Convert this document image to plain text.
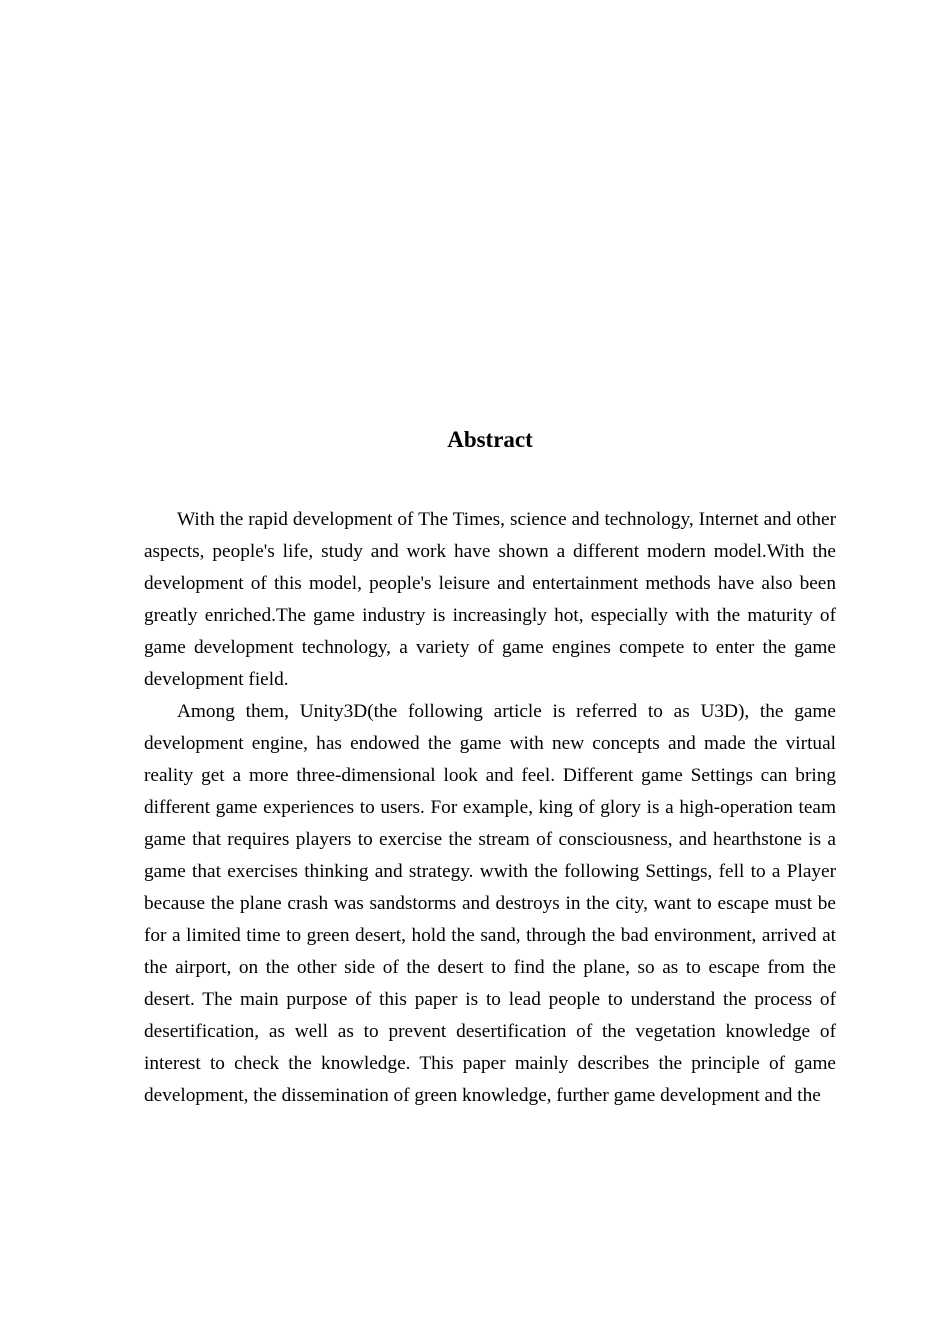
Abstract

With the rapid development of The Times, science and technology, Internet and other aspects, people's life, study and work have shown a different modern model.With the development of this model, people's leisure and entertainment methods have also been greatly enriched.The game industry is increasingly hot, especially with the maturity of game development technology, a variety of game engines compete to enter the game development field.

Among them, Unity3D(the following article is referred to as U3D), the game development engine, has endowed the game with new concepts and made the virtual reality get a more three-dimensional look and feel. Different game Settings can bring different game experiences to users. For example, king of glory is a high-operation team game that requires players to exercise the stream of consciousness, and hearthstone is a game that exercises thinking and strategy. wwith the following Settings, fell to a Player because the plane crash was sandstorms and destroys in the city, want to escape must be for a limited time to green desert, hold the sand, through the bad environment, arrived at the airport, on the other side of the desert to find the plane, so as to escape from the desert. The main purpose of this paper is to lead people to understand the process of desertification, as well as to prevent desertification of the vegetation knowledge of interest to check the knowledge. This paper mainly describes the principle of game development, the dissemination of green knowledge, further game development and the
